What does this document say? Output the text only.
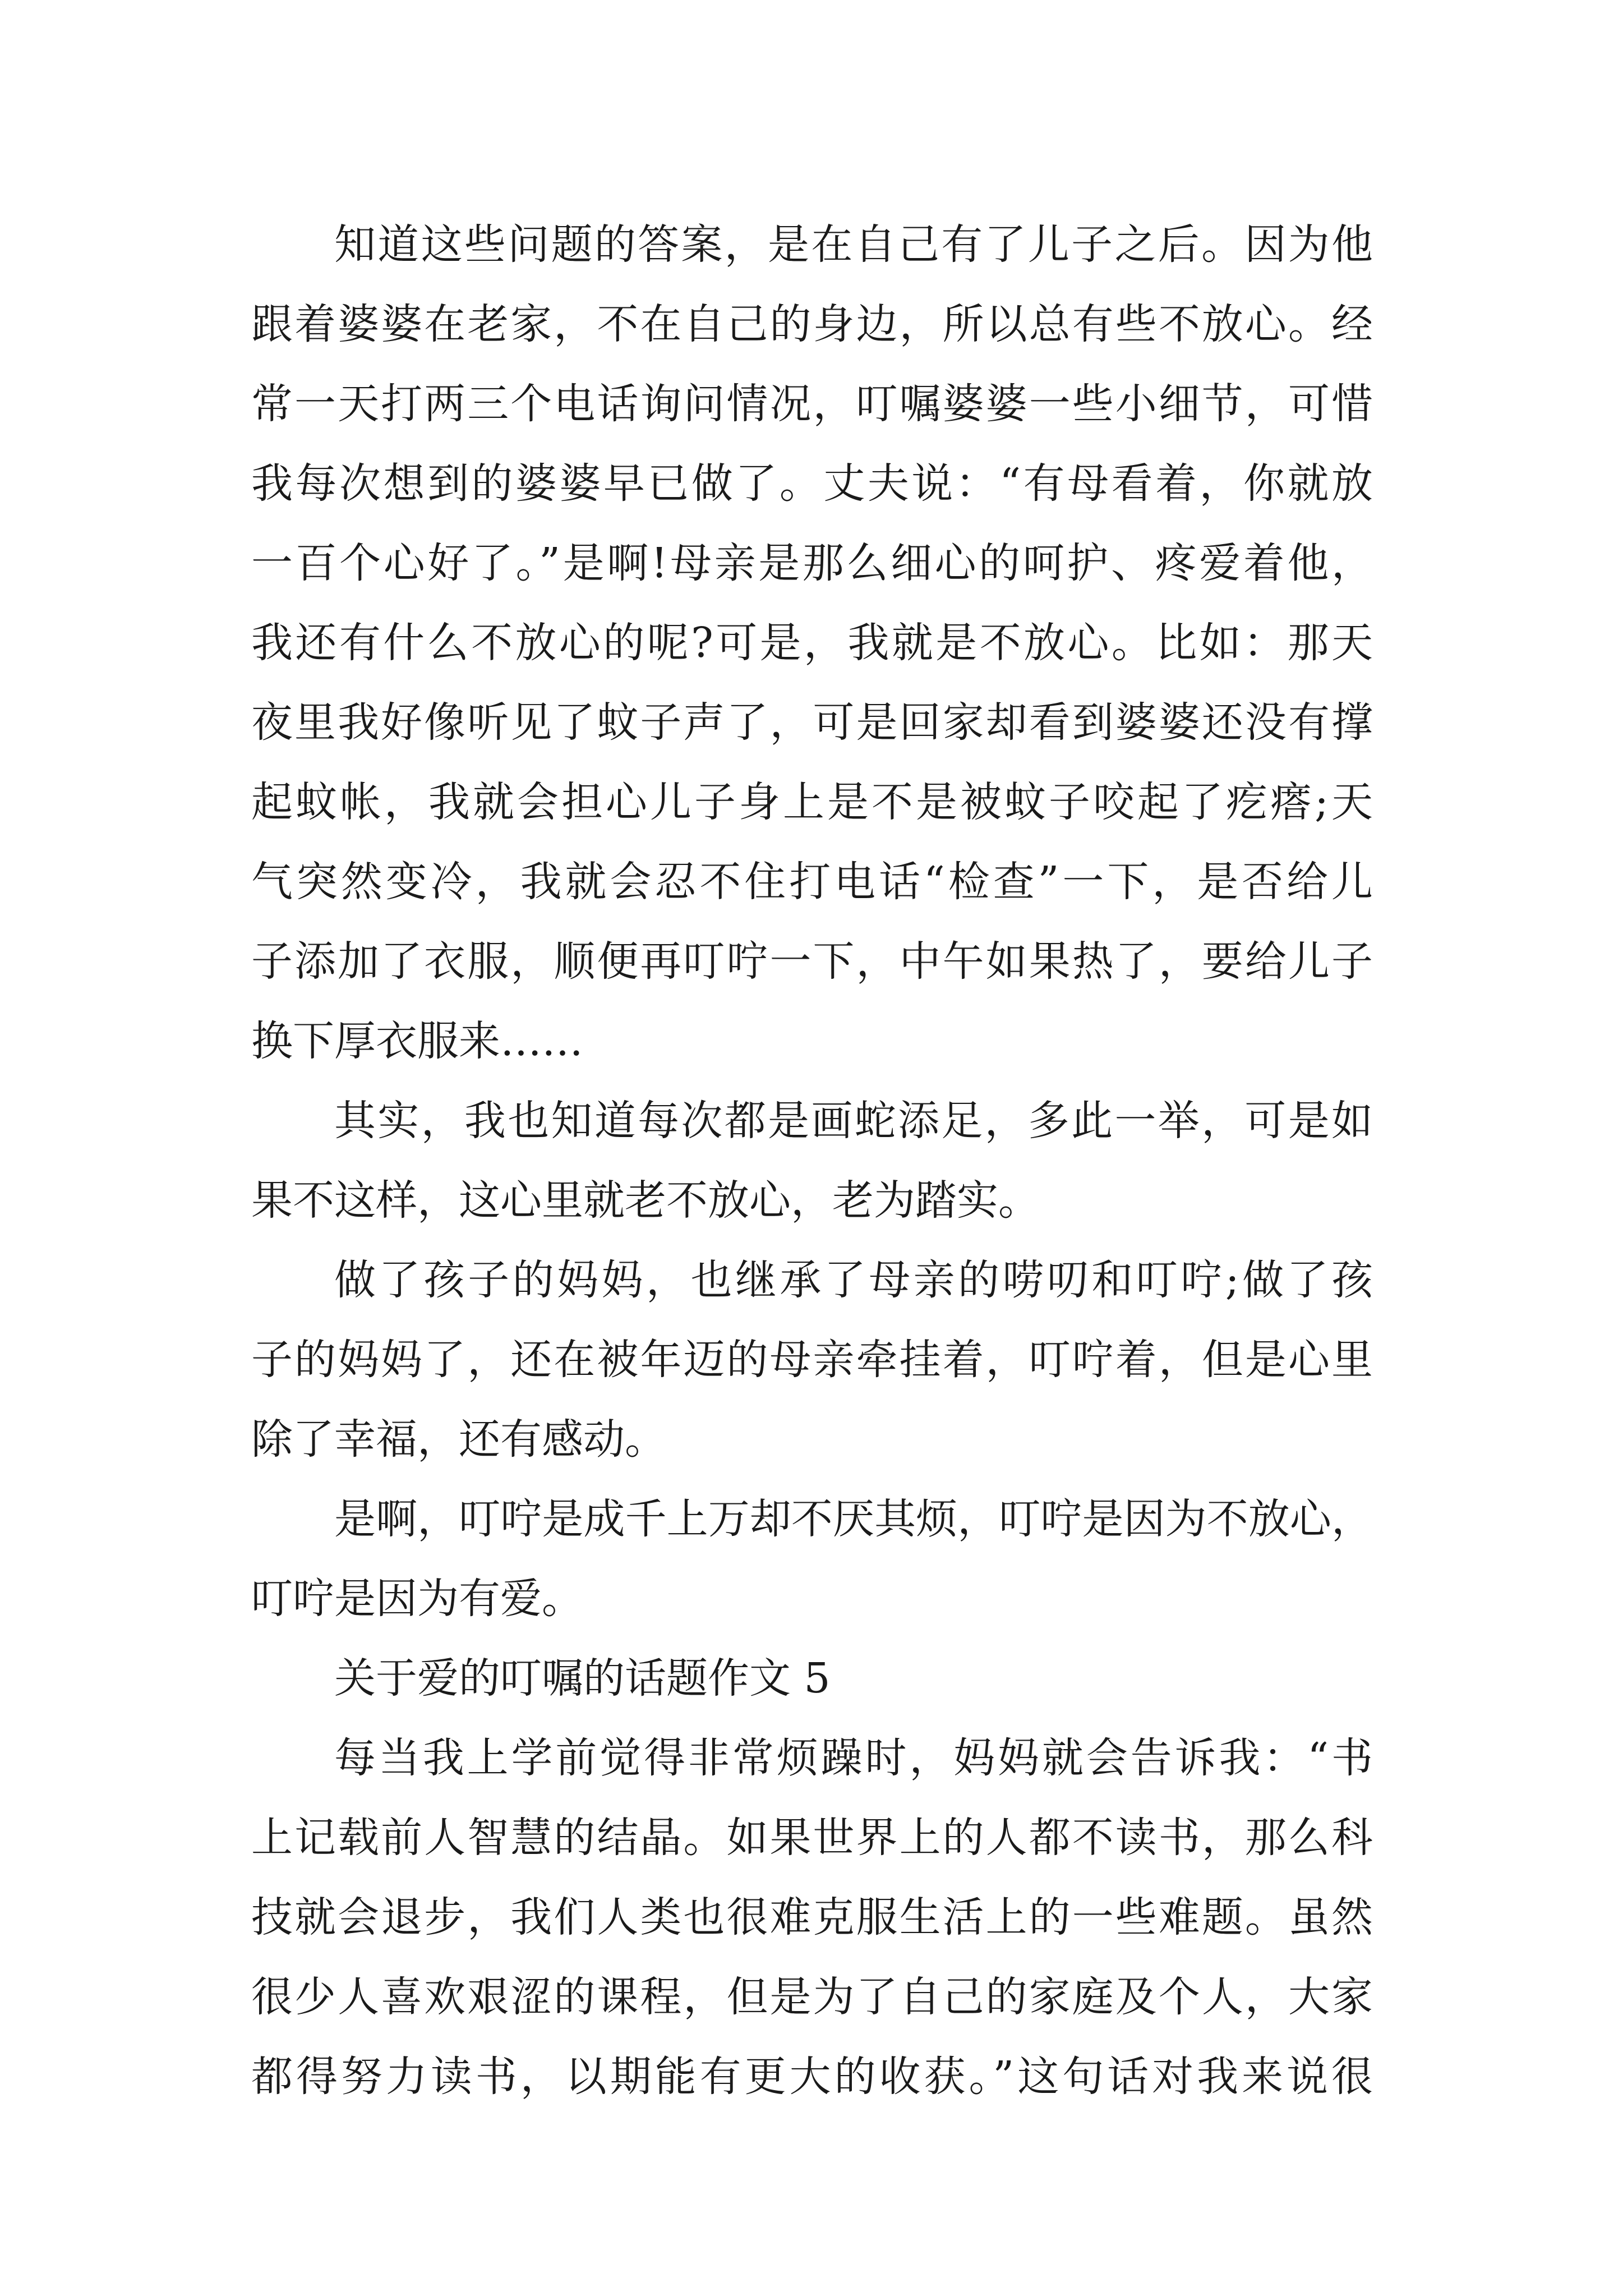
知道这些问题的答案，是在自己有了儿子之后。因为他
跟着婆婆在老家，不在自己的身边，所以总有些不放心。经
常一天打两三个电话询问情况，叮嘱婆婆一些小细节，可惜
我每次想到的婆婆早已做了。丈夫说：“有母看着，你就放
一百个心好了。”是啊!母亲是那么细心的呵护、疼爱着他，
我还有什么不放心的呢?可是，我就是不放心。比如：那天
夜里我好像听见了蚊子声了，可是回家却看到婆婆还没有撑
起蚊帐，我就会担心儿子身上是不是被蚊子咬起了疙瘩;天
气突然变冷，我就会忍不住打电话“检查”一下，是否给儿
子添加了衣服，顺便再叮咛一下，中午如果热了，要给儿子
换下厚衣服来……
其实，我也知道每次都是画蛇添足，多此一举，可是如
果不这样，这心里就老不放心，老为踏实。
做了孩子的妈妈，也继承了母亲的唠叨和叮咛;做了孩
子的妈妈了，还在被年迈的母亲牵挂着，叮咛着，但是心里
除了幸福，还有感动。
是啊，叮咛是成千上万却不厌其烦，叮咛是因为不放心，
叮咛是因为有爱。
关于爱的叮嘱的话题作文 5
每当我上学前觉得非常烦躁时，妈妈就会告诉我：“书
上记载前人智慧的结晶。如果世界上的人都不读书，那么科
技就会退步，我们人类也很难克服生活上的一些难题。虽然
很少人喜欢艰涩的课程，但是为了自己的家庭及个人，大家
都得努力读书，以期能有更大的收获。”这句话对我来说很
